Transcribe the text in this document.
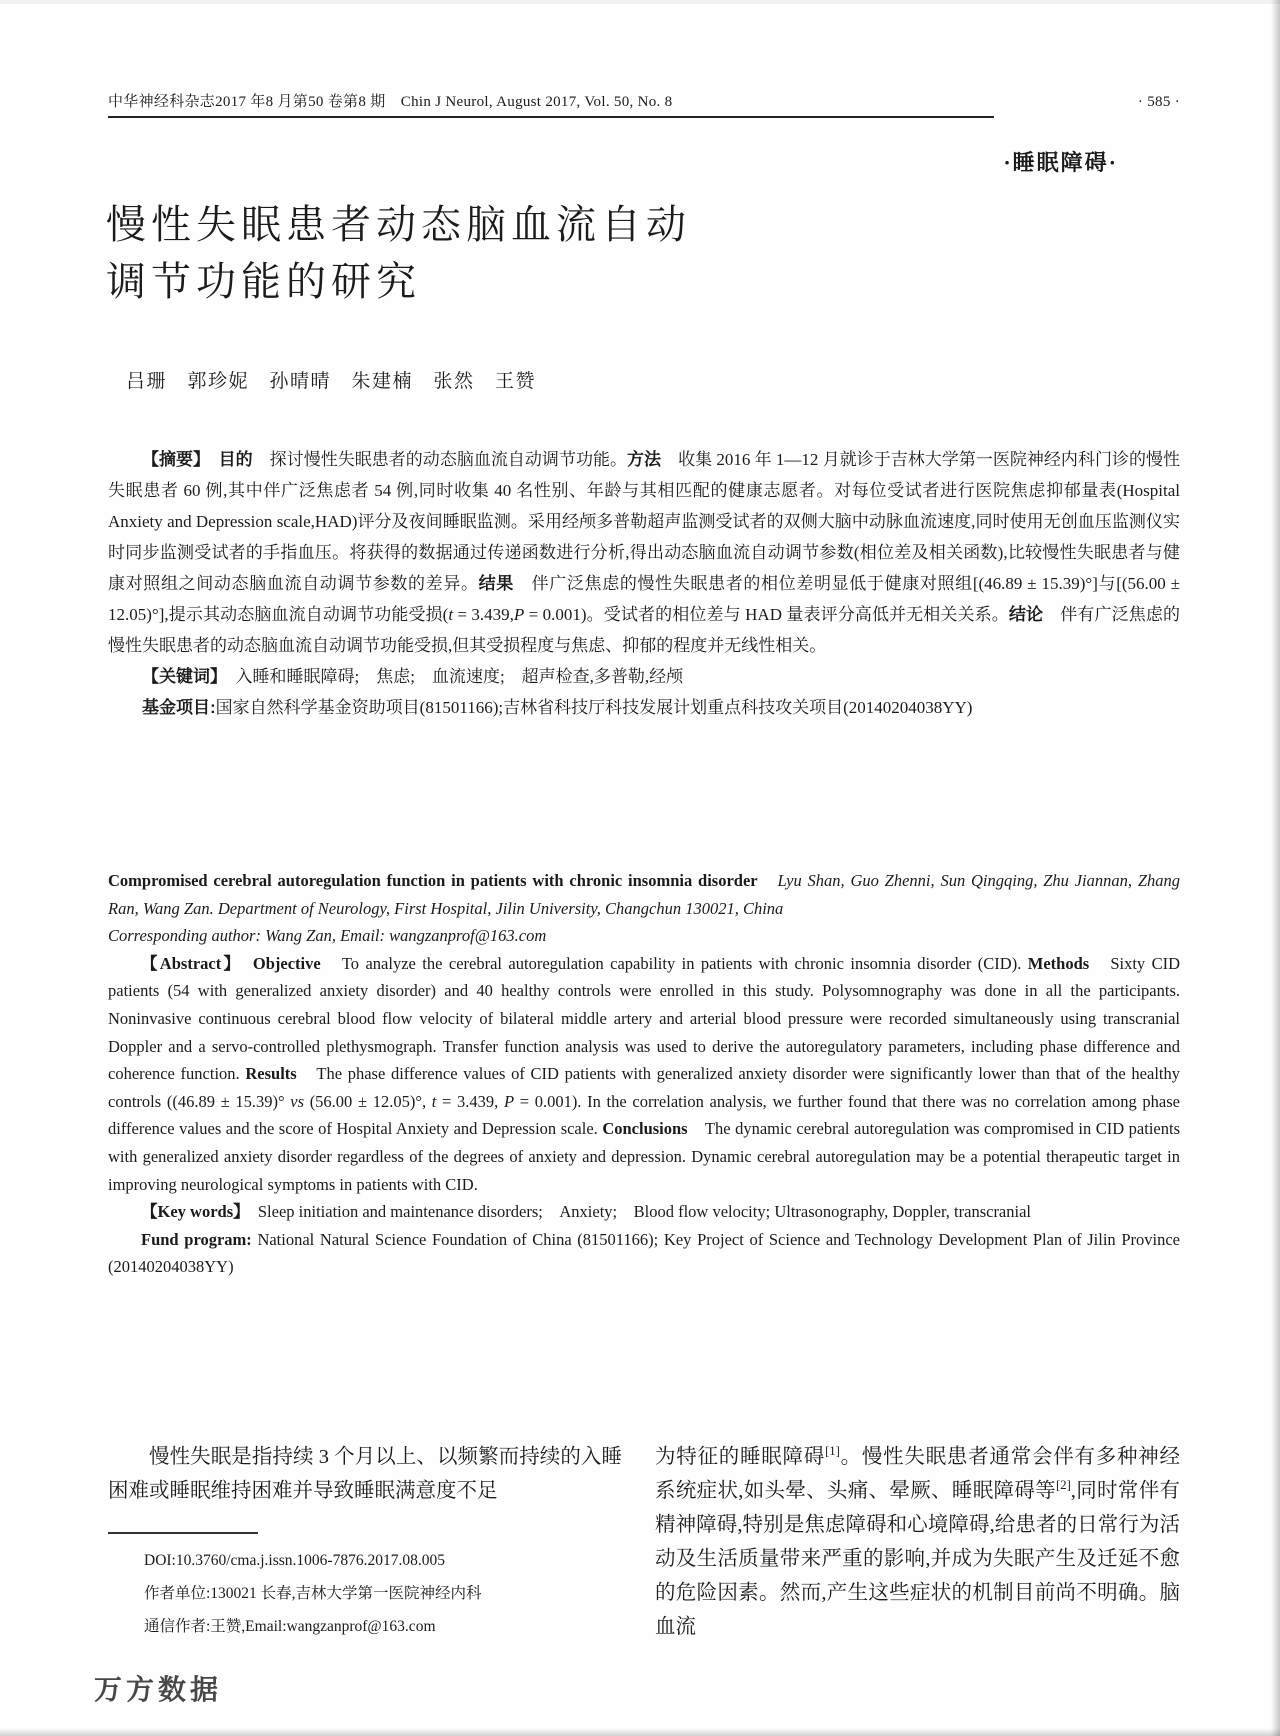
中华神经科杂志2017 年8 月第50 卷第8 期　Chin J Neurol, August 2017, Vol. 50, No. 8	· 585 ·
·睡眠障碍·
慢性失眠患者动态脑血流自动
调节功能的研究
吕珊　郭珍妮　孙晴晴　朱建楠　张然　王赞

【摘要】　目的　探讨慢性失眠患者的动态脑血流自动调节功能。方法　收集 2016 年 1—12 月就诊于吉林大学第一医院神经内科门诊的慢性失眠患者 60 例,其中伴广泛焦虑者 54 例,同时收集 40 名性别、年龄与其相匹配的健康志愿者。对每位受试者进行医院焦虑抑郁量表(Hospital Anxiety and Depression scale,HAD)评分及夜间睡眠监测。采用经颅多普勒超声监测受试者的双侧大脑中动脉血流速度,同时使用无创血压监测仪实时同步监测受试者的手指血压。将获得的数据通过传递函数进行分析,得出动态脑血流自动调节参数(相位差及相关函数),比较慢性失眠患者与健康对照组之间动态脑血流自动调节参数的差异。结果　伴广泛焦虑的慢性失眠患者的相位差明显低于健康对照组[(46.89 ± 15.39)°]与[(56.00 ± 12.05)°],提示其动态脑血流自动调节功能受损(t = 3.439,P = 0.001)。受试者的相位差与 HAD 量表评分高低并无相关关系。结论　伴有广泛焦虑的慢性失眠患者的动态脑血流自动调节功能受损,但其受损程度与焦虑、抑郁的程度并无线性相关。

【关键词】　入睡和睡眠障碍;　焦虑;　血流速度;　超声检查,多普勒,经颅

基金项目:国家自然科学基金资助项目(81501166);吉林省科技厅科技发展计划重点科技攻关项目(20140204038YY)

Compromised cerebral autoregulation function in patients with chronic insomnia disorder　 Lyu Shan, Guo Zhenni, Sun Qingqing, Zhu Jiannan, Zhang Ran, Wang Zan. Department of Neurology, First Hospital, Jilin University, Changchun 130021, China

Corresponding author: Wang Zan, Email: wangzanprof@163.com

【Abstract】　Objective　To analyze the cerebral autoregulation capability in patients with chronic insomnia disorder (CID). Methods　Sixty CID patients (54 with generalized anxiety disorder) and 40 healthy controls were enrolled in this study. Polysomnography was done in all the participants. Noninvasive continuous cerebral blood flow velocity of bilateral middle artery and arterial blood pressure were recorded simultaneously using transcranial Doppler and a servo-controlled plethysmograph. Transfer function analysis was used to derive the autoregulatory parameters, including phase difference and coherence function. Results　The phase difference values of CID patients with generalized anxiety disorder were significantly lower than that of the healthy controls ((46.89 ± 15.39)° vs (56.00 ± 12.05)°, t = 3.439, P = 0.001). In the correlation analysis, we further found that there was no correlation among phase difference values and the score of Hospital Anxiety and Depression scale. Conclusions　The dynamic cerebral autoregulation was compromised in CID patients with generalized anxiety disorder regardless of the degrees of anxiety and depression. Dynamic cerebral autoregulation may be a potential therapeutic target in improving neurological symptoms in patients with CID.

【Key words】　Sleep initiation and maintenance disorders;　Anxiety;　Blood flow velocity; Ultrasonography, Doppler, transcranial

Fund program: National Natural Science Foundation of China (81501166); Key Project of Science and Technology Development Plan of Jilin Province (20140204038YY)

慢性失眠是指持续 3 个月以上、以频繁而持续的入睡困难或睡眠维持困难并导致睡眠满意度不足

DOI:10.3760/cma.j.issn.1006-7876.2017.08.005
作者单位:130021 长春,吉林大学第一医院神经内科
通信作者:王赞,Email:wangzanprof@163.com

为特征的睡眠障碍[1]。慢性失眠患者通常会伴有多种神经系统症状,如头晕、头痛、晕厥、睡眠障碍等[2],同时常伴有精神障碍,特别是焦虑障碍和心境障碍,给患者的日常行为活动及生活质量带来严重的影响,并成为失眠产生及迁延不愈的危险因素。然而,产生这些症状的机制目前尚不明确。脑血流

万方数据
